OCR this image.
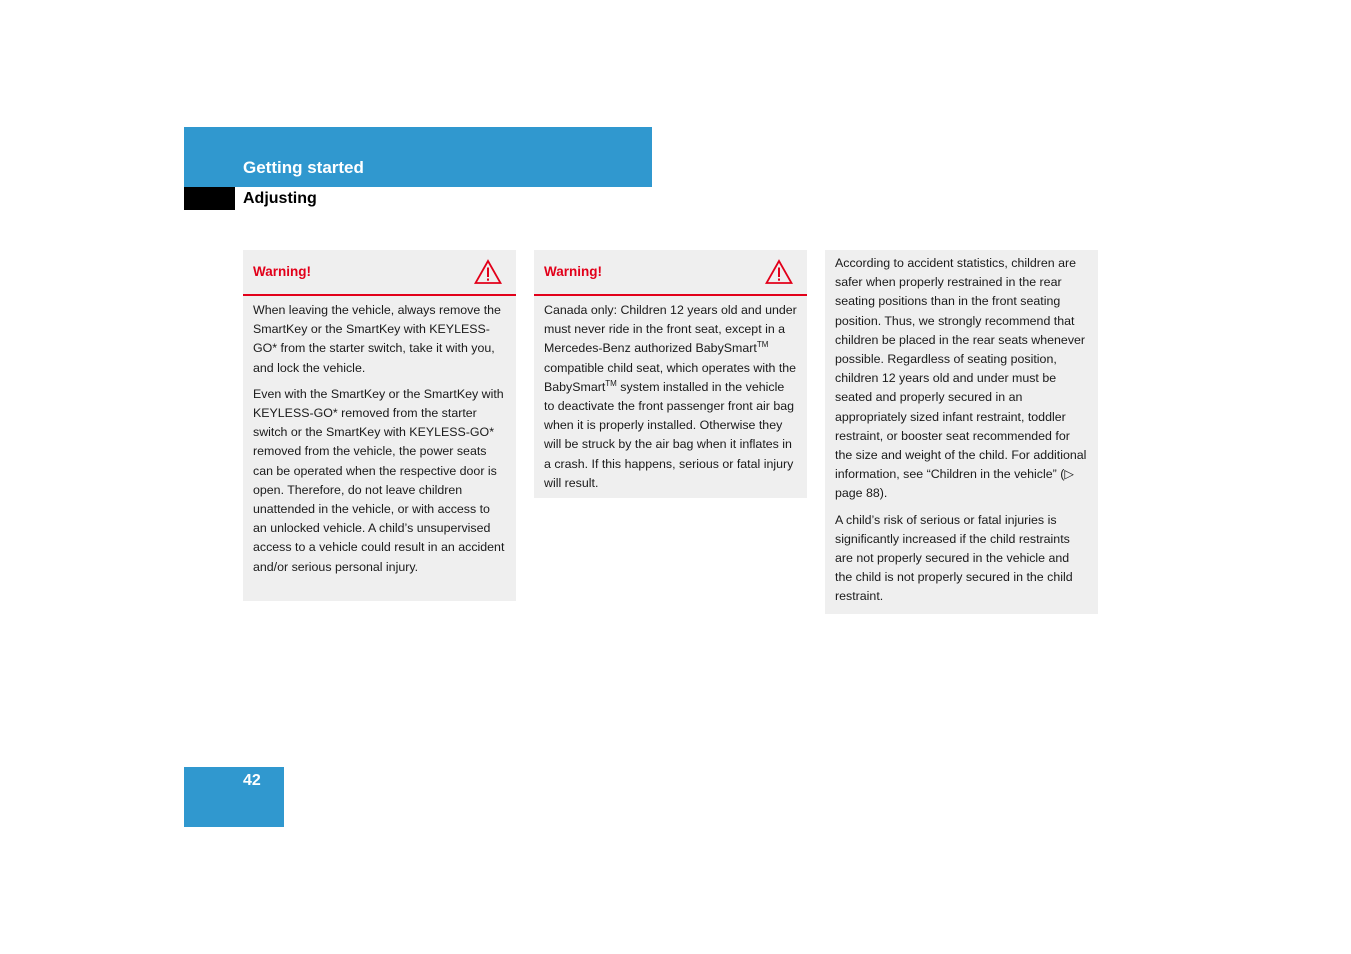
Getting started
Adjusting
Warning!

When leaving the vehicle, always remove the SmartKey or the SmartKey with KEYLESS-GO* from the starter switch, take it with you, and lock the vehicle.

Even with the SmartKey or the SmartKey with KEYLESS-GO* removed from the starter switch or the SmartKey with KEYLESS-GO* removed from the vehicle, the power seats can be operated when the respective door is open. Therefore, do not leave children unattended in the vehicle, or with access to an unlocked vehicle. A child’s unsupervised access to a vehicle could result in an accident and/or serious personal injury.

Warning!

Canada only: Children 12 years old and under must never ride in the front seat, except in a Mercedes-Benz authorized BabySmart™ compatible child seat, which operates with the BabySmart™ system installed in the vehicle to deactivate the front passenger front air bag when it is properly installed. Otherwise they will be struck by the air bag when it inflates in a crash. If this happens, serious or fatal injury will result.

According to accident statistics, children are safer when properly restrained in the rear seating positions than in the front seating position. Thus, we strongly recommend that children be placed in the rear seats whenever possible. Regardless of seating position, children 12 years old and under must be seated and properly secured in an appropriately sized infant restraint, toddler restraint, or booster seat recommended for the size and weight of the child. For additional information, see “Children in the vehicle” (▷ page 88).

A child’s risk of serious or fatal injuries is significantly increased if the child restraints are not properly secured in the vehicle and the child is not properly secured in the child restraint.

42
